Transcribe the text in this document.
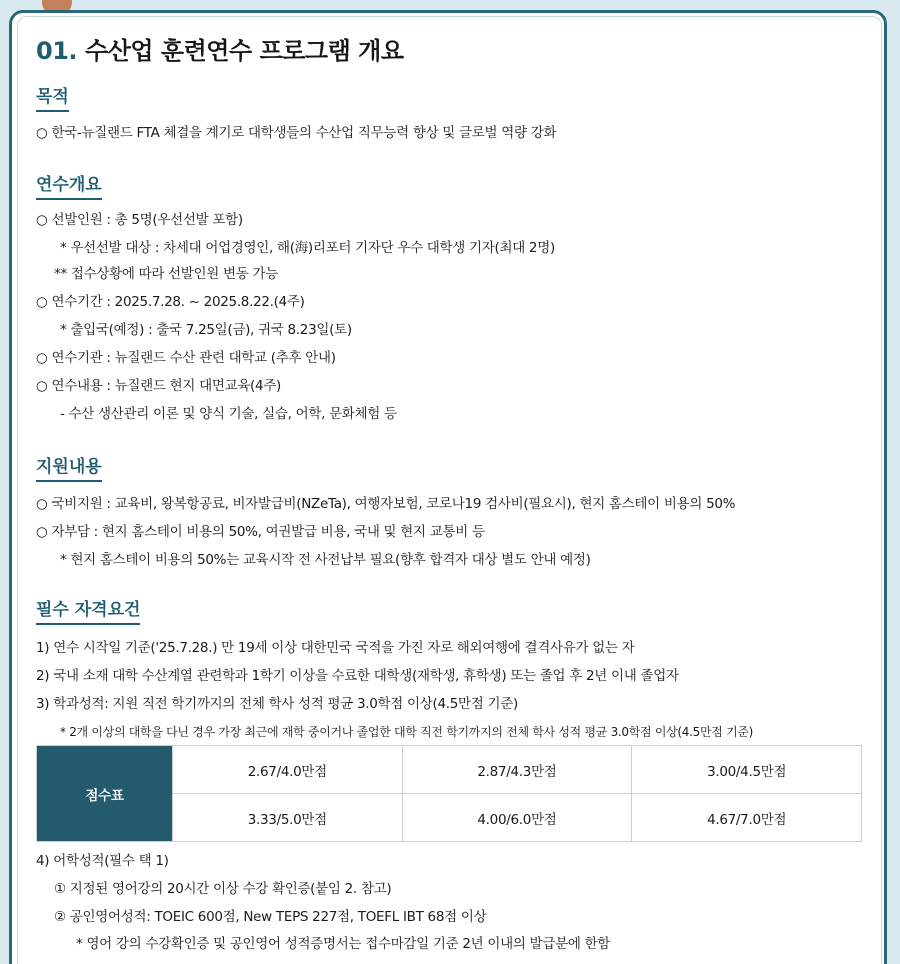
01. 수산업 훈련연수 프로그램 개요
목적
○ 한국-뉴질랜드 FTA 체결을 계기로 대학생들의 수산업 직무능력 향상 및 글로벌 역량 강화
연수개요
○ 선발인원 : 총 5명(우선선발 포함)
* 우선선발 대상 : 차세대 어업경영인, 해(海)리포터 기자단 우수 대학생 기자(최대 2명)
** 접수상황에 따라 선발인원 변동 가능
○ 연수기간 : 2025.7.28. ~ 2025.8.22.(4주)
* 출입국(예정) : 출국 7.25일(금), 귀국 8.23일(토)
○ 연수기관 : 뉴질랜드 수산 관련 대학교 (추후 안내)
○ 연수내용 : 뉴질랜드 현지 대면교육(4주)
- 수산 생산관리 이론 및 양식 기술, 실습, 어학, 문화체험 등
지원내용
○ 국비지원 : 교육비, 왕복항공료, 비자발급비(NZeTa), 여행자보험, 코로나19 검사비(필요시), 현지 홈스테이 비용의 50%
○ 자부담 : 현지 홈스테이 비용의 50%, 여권발급 비용, 국내 및 현지 교통비 등
* 현지 홈스테이 비용의 50%는 교육시작 전 사전납부 필요(향후 합격자 대상 별도 안내 예정)
필수 자격요건
1) 연수 시작일 기준('25.7.28.) 만 19세 이상 대한민국 국적을 가진 자로 해외여행에 결격사유가 없는 자
2) 국내 소재 대학 수산계열 관련학과 1학기 이상을 수료한 대학생(재학생, 휴학생) 또는 졸업 후 2년 이내 졸업자
3) 학과성적: 지원 직전 학기까지의 전체 학사 성적 평균 3.0학점 이상(4.5만점 기준)
* 2개 이상의 대학을 다닌 경우 가장 최근에 재학 중이거나 졸업한 대학 직전 학기까지의 전체 학사 성적 평균 3.0학점 이상(4.5만점 기준)
점수표	2.67/4.0만점	2.87/4.3만점	3.00/4.5만점
	3.33/5.0만점	4.00/6.0만점	4.67/7.0만점
4) 어학성적(필수 택 1)
① 지정된 영어강의 20시간 이상 수강 확인증(붙임 2. 참고)
② 공인영어성적: TOEIC 600점, New TEPS 227점, TOEFL IBT 68점 이상
* 영어 강의 수강확인증 및 공인영어 성적증명서는 접수마감일 기준 2년 이내의 발급분에 한함
